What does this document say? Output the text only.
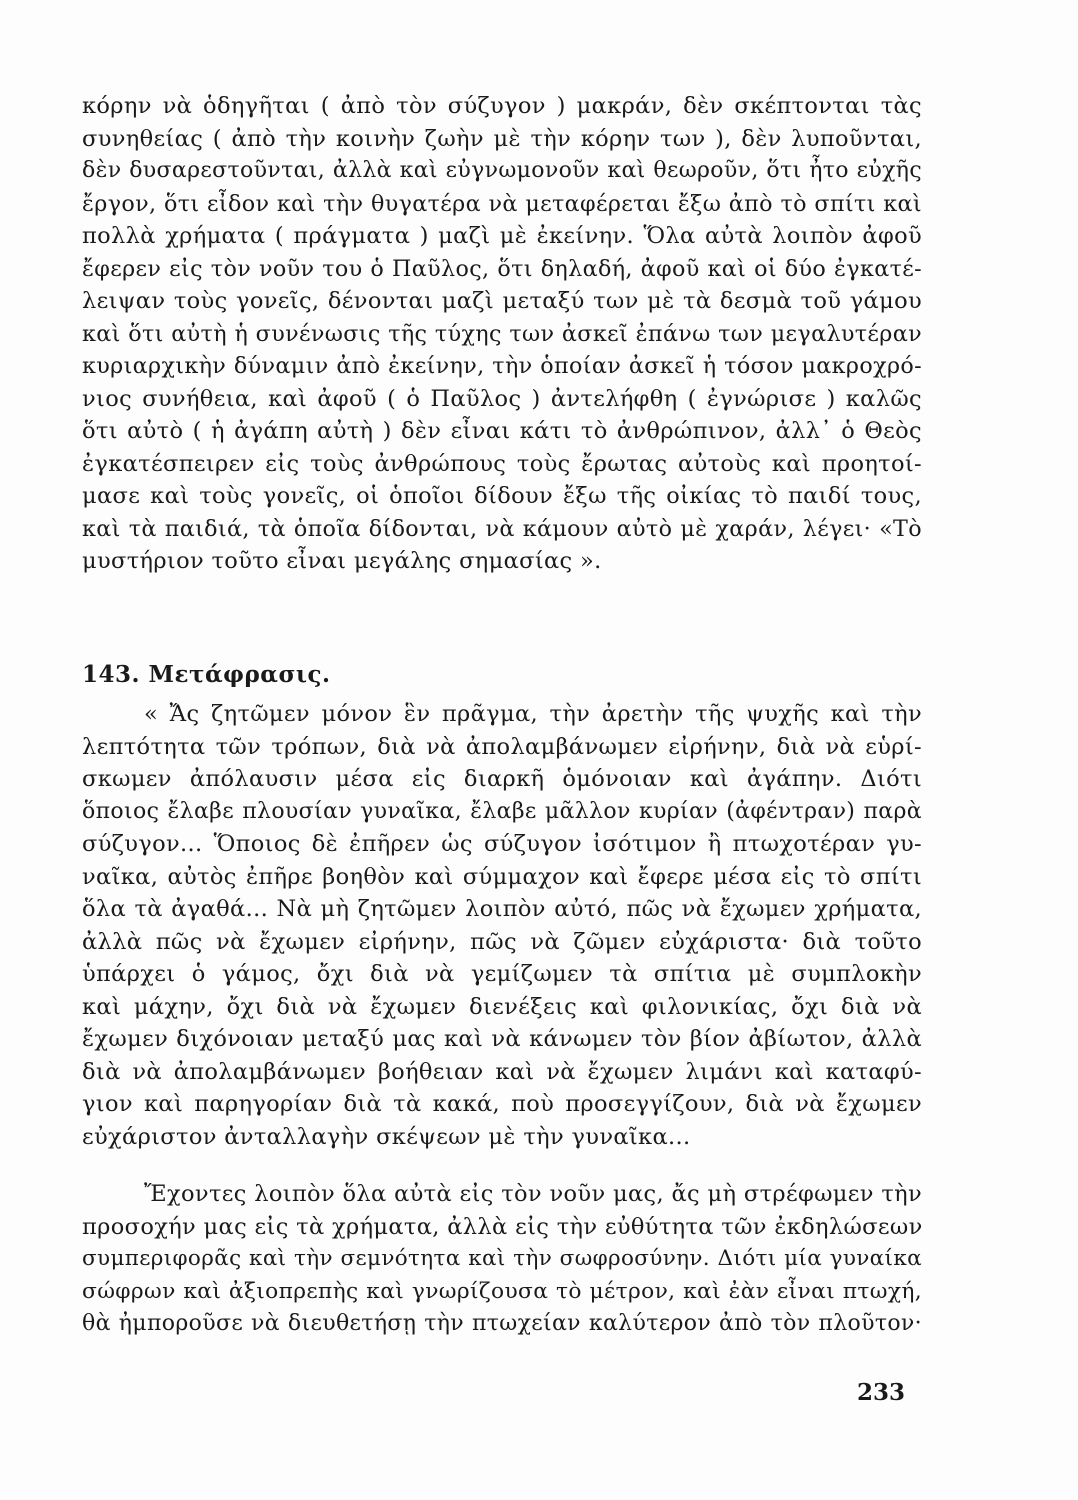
κόρην νὰ ὁδηγῆται ( ἀπὸ τὸν σύζυγον ) μακράν, δὲν σκέπτονται τὰς
συνηθείας ( ἀπὸ τὴν κοινὴν ζωὴν μὲ τὴν κόρην των ), δὲν λυποῦνται,
δὲν δυσαρεστοῦνται, ἀλλὰ καὶ εὐγνωμονοῦν καὶ θεωροῦν, ὅτι ἦτο εὐχῆς
ἔργον, ὅτι εἶδον καὶ τὴν θυγατέρα νὰ μεταφέρεται ἔξω ἀπὸ τὸ σπίτι καὶ
πολλὰ χρήματα ( πράγματα ) μαζὶ μὲ ἐκείνην. Ὅλα αὐτὰ λοιπὸν ἀφοῦ
ἔφερεν εἰς τὸν νοῦν του ὁ Παῦλος, ὅτι δηλαδή, ἀφοῦ καὶ οἱ δύο ἐγκατέ-
λειψαν τοὺς γονεῖς, δένονται μαζὶ μεταξύ των μὲ τὰ δεσμὰ τοῦ γάμου
καὶ ὅτι αὐτὴ ἡ συνένωσις τῆς τύχης των ἀσκεῖ ἐπάνω των μεγαλυτέραν
κυριαρχικὴν δύναμιν ἀπὸ ἐκείνην, τὴν ὁποίαν ἀσκεῖ ἡ τόσον μακροχρό-
νιος συνήθεια, καὶ ἀφοῦ ( ὁ Παῦλος ) ἀντελήφθη ( ἐγνώρισε ) καλῶς
ὅτι αὐτὸ ( ἡ ἀγάπη αὐτὴ ) δὲν εἶναι κάτι τὸ ἀνθρώπινον, ἀλλ᾽ ὁ Θεὸς
ἐγκατέσπειρεν εἰς τοὺς ἀνθρώπους τοὺς ἔρωτας αὐτοὺς καὶ προητοί-
μασε καὶ τοὺς γονεῖς, οἱ ὁποῖοι δίδουν ἔξω τῆς οἰκίας τὸ παιδί τους,
καὶ τὰ παιδιά, τὰ ὁποῖα δίδονται, νὰ κάμουν αὐτὸ μὲ χαράν, λέγει· «Τὸ
μυστήριον τοῦτο εἶναι μεγάλης σημασίας ».
143. Μετάφρασις.
« Ἄς ζητῶμεν μόνον ἓν πρᾶγμα, τὴν ἀρετὴν τῆς ψυχῆς καὶ τὴν
λεπτότητα τῶν τρόπων, διὰ νὰ ἀπολαμβάνωμεν εἰρήνην, διὰ νὰ εὑρί-
σκωμεν ἀπόλαυσιν μέσα εἰς διαρκῆ ὁμόνοιαν καὶ ἀγάπην. Διότι
ὅποιος ἔλαβε πλουσίαν γυναῖκα, ἔλαβε μᾶλλον κυρίαν (ἀφέντραν) παρὰ
σύζυγον... Ὅποιος δὲ ἐπῆρεν ὡς σύζυγον ἰσότιμον ἢ πτωχοτέραν γυ-
ναῖκα, αὐτὸς ἐπῆρε βοηθὸν καὶ σύμμαχον καὶ ἔφερε μέσα εἰς τὸ σπίτι
ὅλα τὰ ἀγαθά... Νὰ μὴ ζητῶμεν λοιπὸν αὐτό, πῶς νὰ ἔχωμεν χρήματα,
ἀλλὰ πῶς νὰ ἔχωμεν εἰρήνην, πῶς νὰ ζῶμεν εὐχάριστα· διὰ τοῦτο
ὑπάρχει ὁ γάμος, ὄχι διὰ νὰ γεμίζωμεν τὰ σπίτια μὲ συμπλοκὴν
καὶ μάχην, ὄχι διὰ νὰ ἔχωμεν διενέξεις καὶ φιλονικίας, ὄχι διὰ νὰ
ἔχωμεν διχόνοιαν μεταξύ μας καὶ νὰ κάνωμεν τὸν βίον ἀβίωτον, ἀλλὰ
διὰ νὰ ἀπολαμβάνωμεν βοήθειαν καὶ νὰ ἔχωμεν λιμάνι καὶ καταφύ-
γιον καὶ παρηγορίαν διὰ τὰ κακά, ποὺ προσεγγίζουν, διὰ νὰ ἔχωμεν
εὐχάριστον ἀνταλλαγὴν σκέψεων μὲ τὴν γυναῖκα...
Ἔχοντες λοιπὸν ὅλα αὐτὰ εἰς τὸν νοῦν μας, ἄς μὴ στρέφωμεν τὴν
προσοχήν μας εἰς τὰ χρήματα, ἀλλὰ εἰς τὴν εὐθύτητα τῶν ἐκδηλώσεων
συμπεριφορᾶς καὶ τὴν σεμνότητα καὶ τὴν σωφροσύνην. Διότι μία γυναίκα
σώφρων καὶ ἀξιοπρεπὴς καὶ γνωρίζουσα τὸ μέτρον, καὶ ἐὰν εἶναι πτωχή,
θὰ ἠμποροῦσε νὰ διευθετήσῃ τὴν πτωχείαν καλύτερον ἀπὸ τὸν πλοῦτον·
233
